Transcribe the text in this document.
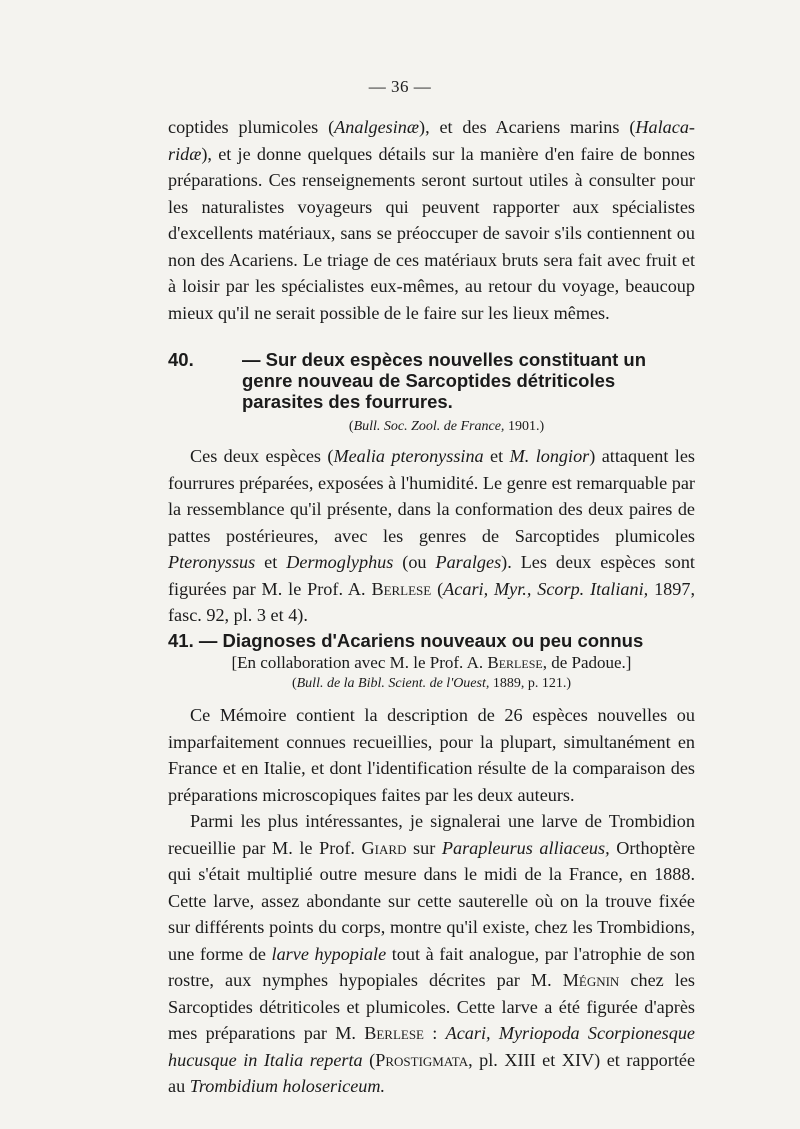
— 36 —

coptides plumicoles (Analgesinæ), et des Acariens marins (Halaca-ridæ), et je donne quelques détails sur la manière d'en faire de bonnes préparations. Ces renseignements seront surtout utiles à consulter pour les naturalistes voyageurs qui peuvent rapporter aux spécialistes d'excellents matériaux, sans se préoccuper de savoir s'ils contiennent ou non des Acariens. Le triage de ces matériaux bruts sera fait avec fruit et à loisir par les spécialistes eux-mêmes, au retour du voyage, beaucoup mieux qu'il ne serait possible de le faire sur les lieux mêmes.

40.	— Sur deux espèces nouvelles constituant un genre nouveau de Sarcoptides détriticoles parasites des fourrures.

(Bull. Soc. Zool. de France, 1901.)

Ces deux espèces (Mealia pteronyssina et M. longior) attaquent les fourrures préparées, exposées à l'humidité. Le genre est remarquable par la ressemblance qu'il présente, dans la conformation des deux paires de pattes postérieures, avec les genres de Sarcoptides plumicoles Pteronyssus et Dermoglyphus (ou Paralges). Les deux espèces sont figurées par M. le Prof. A. Berlese (Acari, Myr., Scorp. Italiani, 1897, fasc. 92, pl. 3 et 4).

41. — Diagnoses d'Acariens nouveaux ou peu connus

[En collaboration avec M. le Prof. A. Berlese, de Padoue.]

(Bull. de la Bibl. Scient. de l'Ouest, 1889, p. 121.)

Ce Mémoire contient la description de 26 espèces nouvelles ou imparfaitement connues recueillies, pour la plupart, simultanément en France et en Italie, et dont l'identification résulte de la comparaison des préparations microscopiques faites par les deux auteurs.

Parmi les plus intéressantes, je signalerai une larve de Trombidion recueillie par M. le Prof. Giard sur Parapleurus alliaceus, Orthoptère qui s'était multiplié outre mesure dans le midi de la France, en 1888. Cette larve, assez abondante sur cette sauterelle où on la trouve fixée sur différents points du corps, montre qu'il existe, chez les Trombidions, une forme de larve hypopiale tout à fait analogue, par l'atrophie de son rostre, aux nymphes hypopiales décrites par M. Mégnin chez les Sarcoptides détriticoles et plumicoles. Cette larve a été figurée d'après mes préparations par M. Berlese : Acari, Myriopoda Scorpionesque hucusque in Italia reperta (Prostigmata, pl. XIII et XIV) et rapportée au Trombidium holosericeum.
